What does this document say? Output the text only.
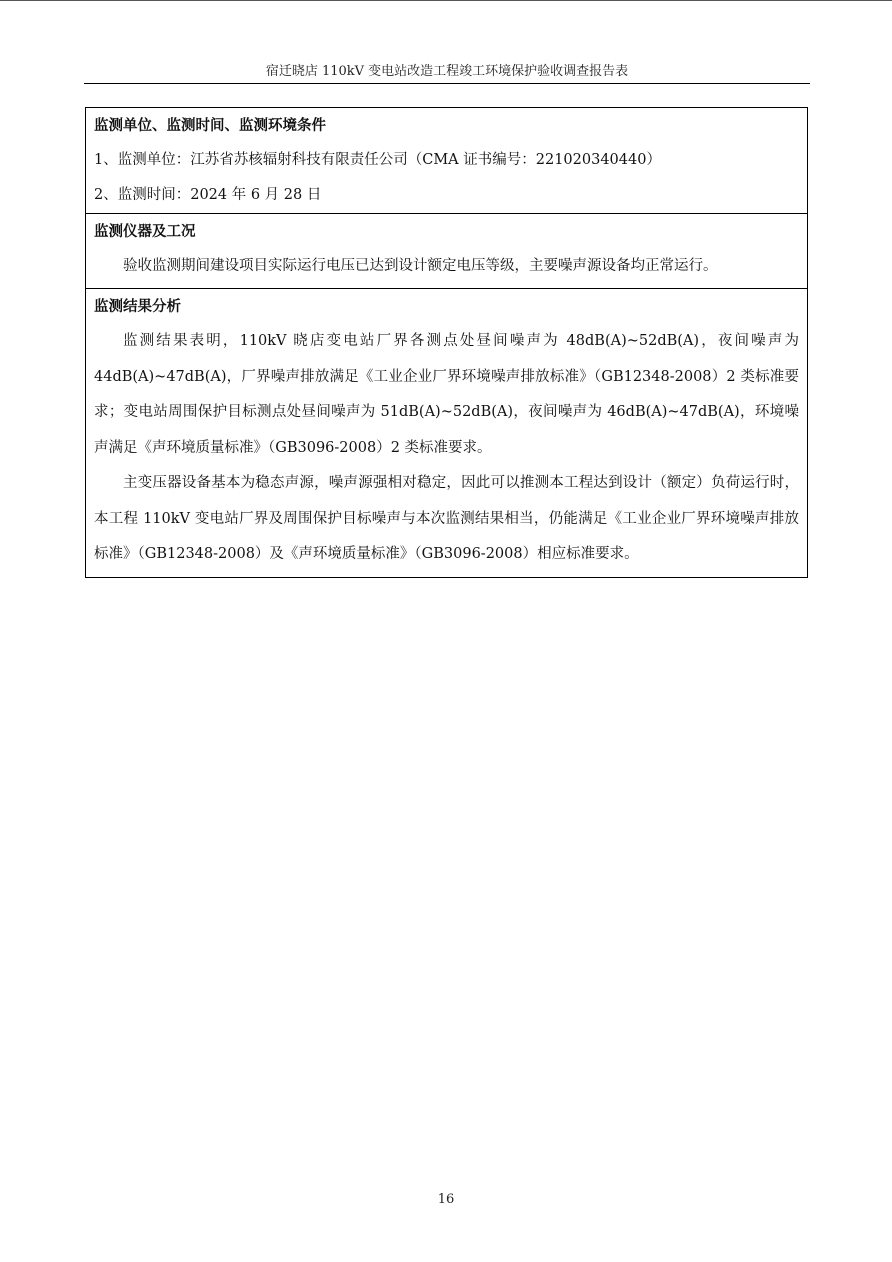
宿迁晓店 110kV 变电站改造工程竣工环境保护验收调查报告表
监测单位、监测时间、监测环境条件
1、监测单位：江苏省苏核辐射科技有限责任公司（CMA 证书编号：221020340440）
2、监测时间：2024 年 6 月 28 日
监测仪器及工况

验收监测期间建设项目实际运行电压已达到设计额定电压等级，主要噪声源设备均正常运行。

监测结果分析

监测结果表明，110kV 晓店变电站厂界各测点处昼间噪声为 48dB(A)~52dB(A)，夜间噪声为 44dB(A)~47dB(A)，厂界噪声排放满足《工业企业厂界环境噪声排放标准》（GB12348-2008）2 类标准要求；变电站周围保护目标测点处昼间噪声为 51dB(A)~52dB(A)，夜间噪声为 46dB(A)~47dB(A)，环境噪声满足《声环境质量标准》（GB3096-2008）2 类标准要求。

主变压器设备基本为稳态声源，噪声源强相对稳定，因此可以推测本工程达到设计（额定）负荷运行时，本工程 110kV 变电站厂界及周围保护目标噪声与本次监测结果相当，仍能满足《工业企业厂界环境噪声排放标准》（GB12348-2008）及《声环境质量标准》（GB3096-2008）相应标准要求。

16
